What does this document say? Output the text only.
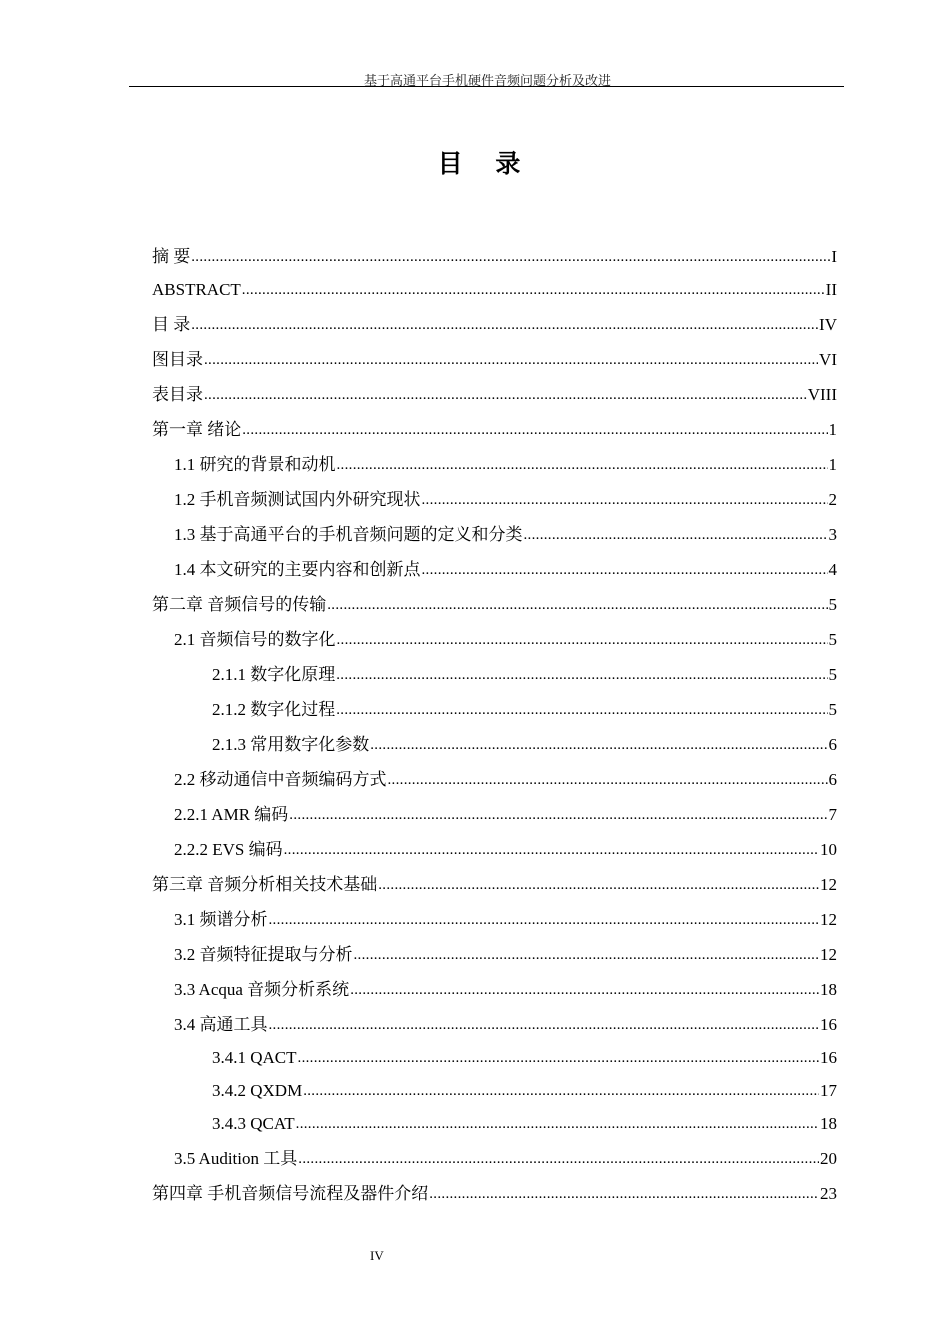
基于高通平台手机硬件音频问题分析及改进
目 录
摘 要 .....	I
ABSTRACT .....	II
目 录 .....	IV
图目录 .....	VI
表目录 .....	VIII
第一章 绪论 .....	1
1.1 研究的背景和动机 .....	1
1.2 手机音频测试国内外研究现状 .....	2
1.3 基于高通平台的手机音频问题的定义和分类 .....	3
1.4 本文研究的主要内容和创新点 .....	4
第二章 音频信号的传输 .....	5
2.1 音频信号的数字化 .....	5
2.1.1 数字化原理 .....	5
2.1.2 数字化过程 .....	5
2.1.3 常用数字化参数 .....	6
2.2 移动通信中音频编码方式 .....	6
2.2.1 AMR 编码 .....	7
2.2.2 EVS 编码 .....	10
第三章 音频分析相关技术基础 .....	12
3.1 频谱分析 .....	12
3.2 音频特征提取与分析 .....	12
3.3 Acqua 音频分析系统 .....	18
3.4 高通工具 .....	16
3.4.1 QACT .....	16
3.4.2 QXDM .....	17
3.4.3 QCAT .....	18
3.5 Audition 工具 .....	20
第四章 手机音频信号流程及器件介绍 .....	23
IV
